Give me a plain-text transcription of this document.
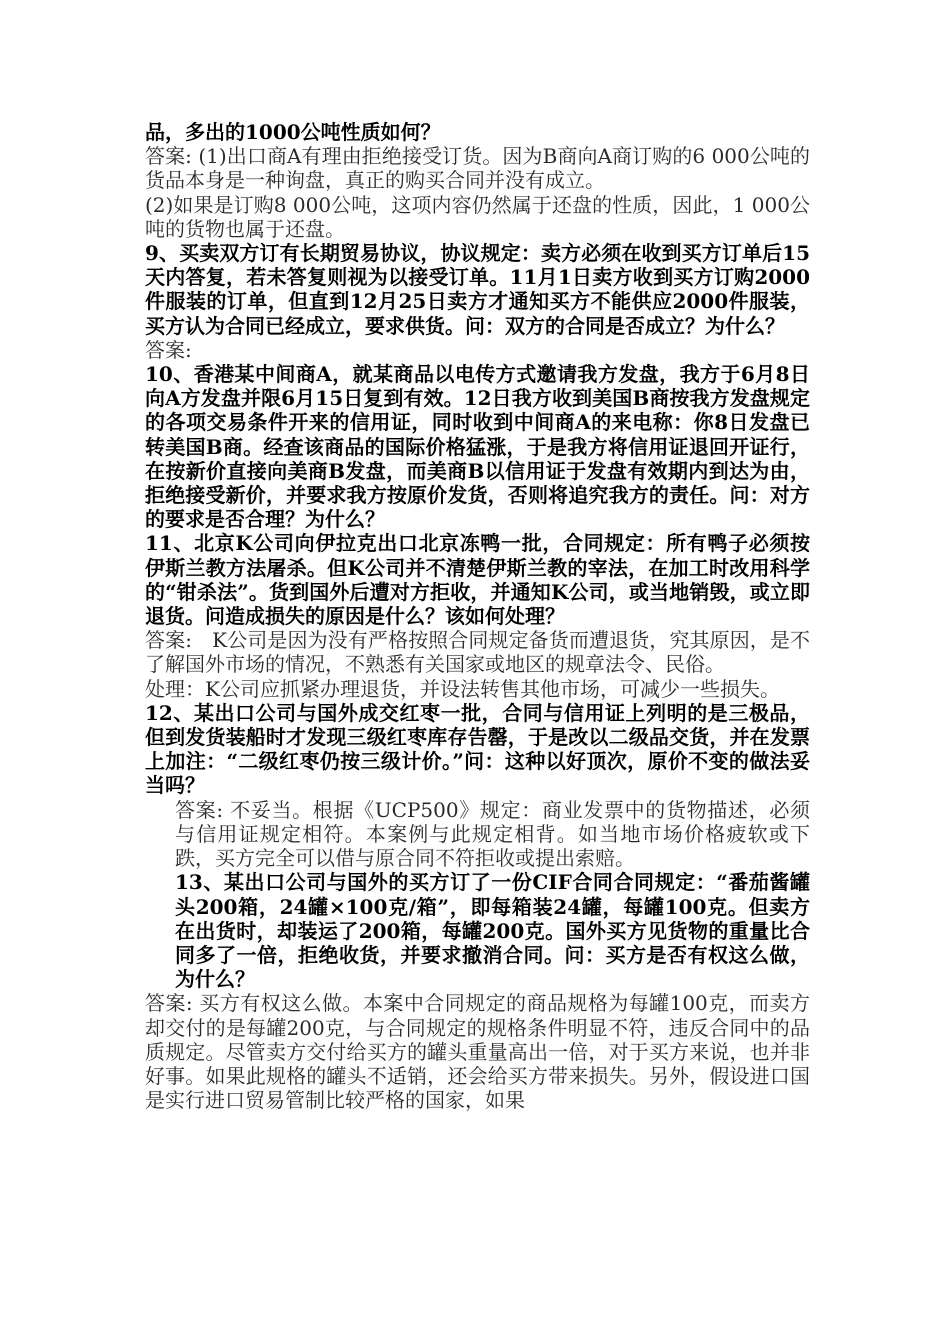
品，多出的1000公吨性质如何？

答案: (1)出口商A有理由拒绝接受订货。因为B商向A商订购的6 000公吨的货品本身是一种询盘，真正的购买合同并没有成立。

(2)如果是订购8 000公吨，这项内容仍然属于还盘的性质，因此，1 000公吨的货物也属于还盘。

9、买卖双方订有长期贸易协议，协议规定：卖方必须在收到买方订单后15天内答复，若未答复则视为以接受订单。11月1日卖方收到买方订购2000件服装的订单，但直到12月25日卖方才通知买方不能供应2000件服装，买方认为合同已经成立，要求供货。问：双方的合同是否成立？为什么？

答案:

10、香港某中间商A，就某商品以电传方式邀请我方发盘，我方于6月8日向A方发盘并限6月15日复到有效。12日我方收到美国B商按我方发盘规定的各项交易条件开来的信用证，同时收到中间商A的来电称：你8日发盘已转美国B商。经查该商品的国际价格猛涨，于是我方将信用证退回开证行，在按新价直接向美商B发盘，而美商B以信用证于发盘有效期内到达为由，拒绝接受新价，并要求我方按原价发货，否则将追究我方的责任。问：对方的要求是否合理？为什么？

11、北京K公司向伊拉克出口北京冻鸭一批，合同规定：所有鸭子必须按伊斯兰教方法屠杀。但K公司并不清楚伊斯兰教的宰法，在加工时改用科学的“钳杀法”。货到国外后遭对方拒收，并通知K公司，或当地销毁，或立即退货。问造成损失的原因是什么？该如何处理？

答案:　K公司是因为没有严格按照合同规定备货而遭退货，究其原因，是不了解国外市场的情况，不熟悉有关国家或地区的规章法令、民俗。

处理：K公司应抓紧办理退货，并设法转售其他市场，可减少一些损失。

12、某出口公司与国外成交红枣一批，合同与信用证上列明的是三极品，但到发货装船时才发现三级红枣库存告罄，于是改以二级品交货，并在发票上加注：“二级红枣仍按三级计价。”问：这种以好顶次，原价不变的做法妥当吗？

答案: 不妥当。根据《UCP500》规定：商业发票中的货物描述，必须与信用证规定相符。本案例与此规定相背。如当地市场价格疲软或下跌，买方完全可以借与原合同不符拒收或提出索赔。

13、某出口公司与国外的买方订了一份CIF合同合同规定：“番茄酱罐头200箱，24罐×100克/箱”，即每箱装24罐，每罐100克。但卖方在出货时，却装运了200箱，每罐200克。国外买方见货物的重量比合同多了一倍，拒绝收货，并要求撤消合同。问：买方是否有权这么做，为什么？

答案: 买方有权这么做。本案中合同规定的商品规格为每罐100克，而卖方却交付的是每罐200克，与合同规定的规格条件明显不符，违反合同中的品质规定。尽管卖方交付给买方的罐头重量高出一倍，对于买方来说，也并非好事。如果此规格的罐头不适销，还会给买方带来损失。另外，假设进口国是实行进口贸易管制比较严格的国家，如果
